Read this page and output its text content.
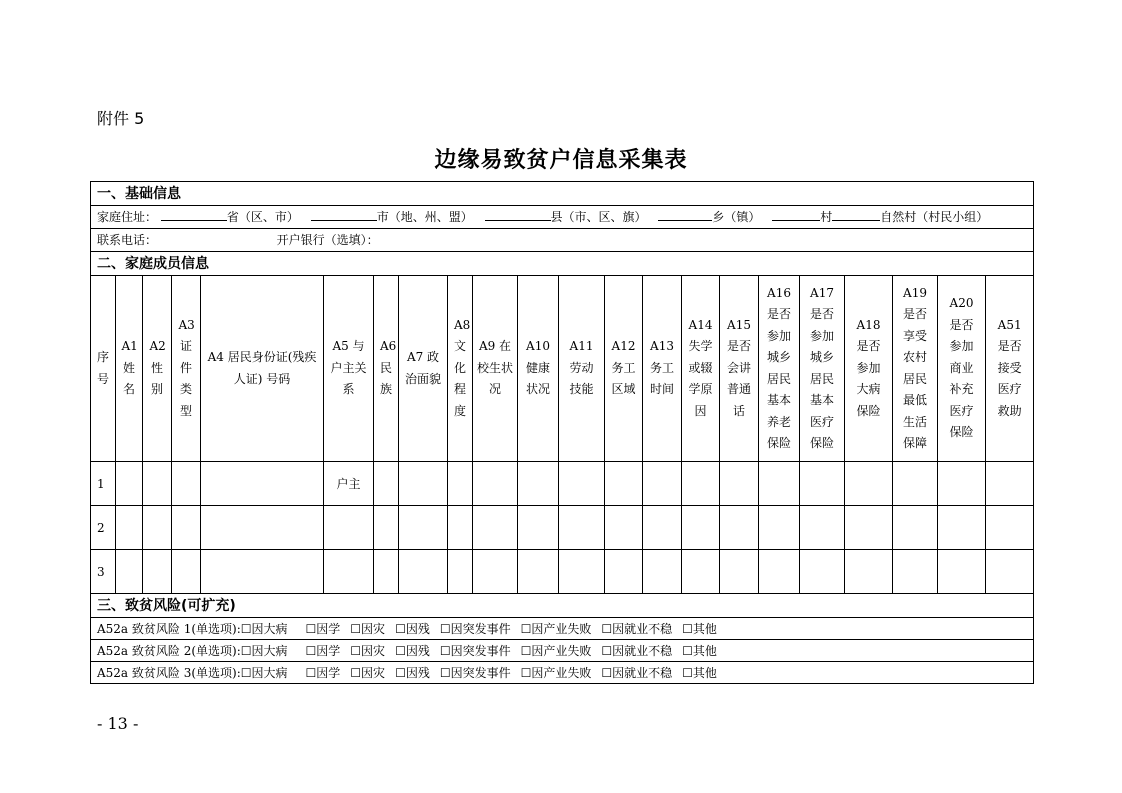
附件 5
边缘易致贫户信息采集表
一、基础信息																					
家庭住址： 省（区、市） 市（地、州、盟） 县（市、区、旗） 乡（镇） 村 自然村（村民小组）																					
联系电话： 开户银行（选填）：																					
二、家庭成员信息																					
序号	A1姓名	A2性别	A3证件类型	A4 居民身份证(残疾人证) 号码	A5 与户主关系	A6民族	A7 政治面貌	A8文化程度	A9 在校生状况	A10健康状况	A11劳动技能	A12务工区域	A13务工时间	A14失学或辍学原因	A15是否会讲普通话	A16是否参加城乡居民基本养老保险	A17是否参加城乡居民基本医疗保险	A18是否参加大病保险	A19是否享受农村居民最低生活保障	A20是否参加商业补充医疗保险	A51是否接受医疗救助
1					户主																
2																					
3																					
三、致贫风险(可扩充)																					
A52a 致贫风险 1(单选项):☐因大病 ☐因学 ☐因灾 ☐因残 ☐因突发事件 ☐因产业失败 ☐因就业不稳 ☐其他																					
A52a 致贫风险 2(单选项):☐因大病 ☐因学 ☐因灾 ☐因残 ☐因突发事件 ☐因产业失败 ☐因就业不稳 ☐其他																					
A52a 致贫风险 3(单选项):☐因大病 ☐因学 ☐因灾 ☐因残 ☐因突发事件 ☐因产业失败 ☐因就业不稳 ☐其他																					
- 13 -
